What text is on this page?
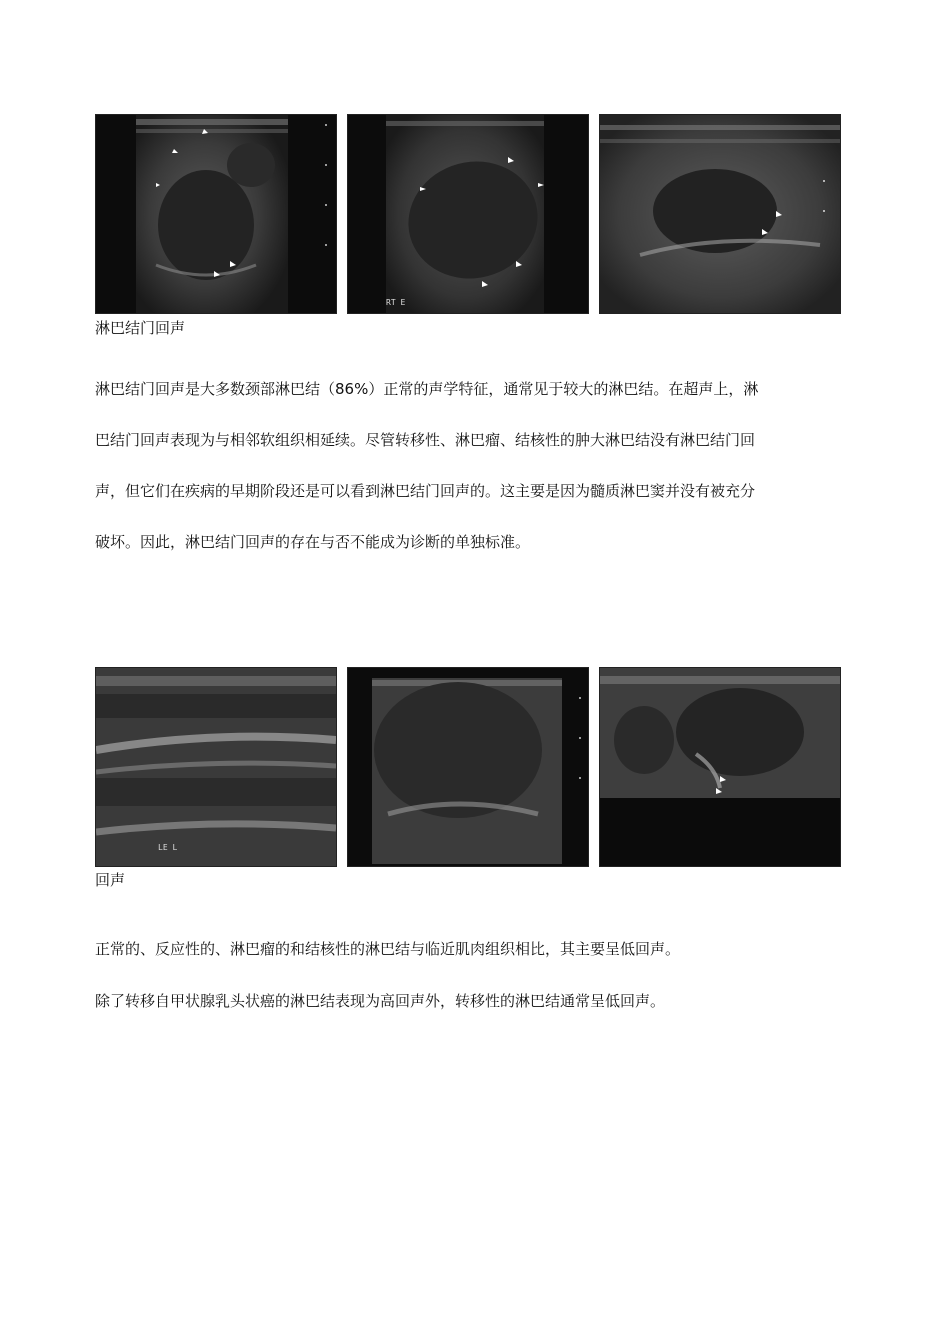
RT E
淋巴结门回声

淋巴结门回声是大多数颈部淋巴结（86%）正常的声学特征，通常见于较大的淋巴结。在超声上，淋

巴结门回声表现为与相邻软组织相延续。尽管转移性、淋巴瘤、结核性的肿大淋巴结没有淋巴结门回

声，但它们在疾病的早期阶段还是可以看到淋巴结门回声的。这主要是因为髓质淋巴窦并没有被充分

破坏。因此，淋巴结门回声的存在与否不能成为诊断的单独标准。

LE L
回声
正常的、反应性的、淋巴瘤的和结核性的淋巴结与临近肌肉组织相比，其主要呈低回声。
除了转移自甲状腺乳头状癌的淋巴结表现为高回声外，转移性的淋巴结通常呈低回声。
